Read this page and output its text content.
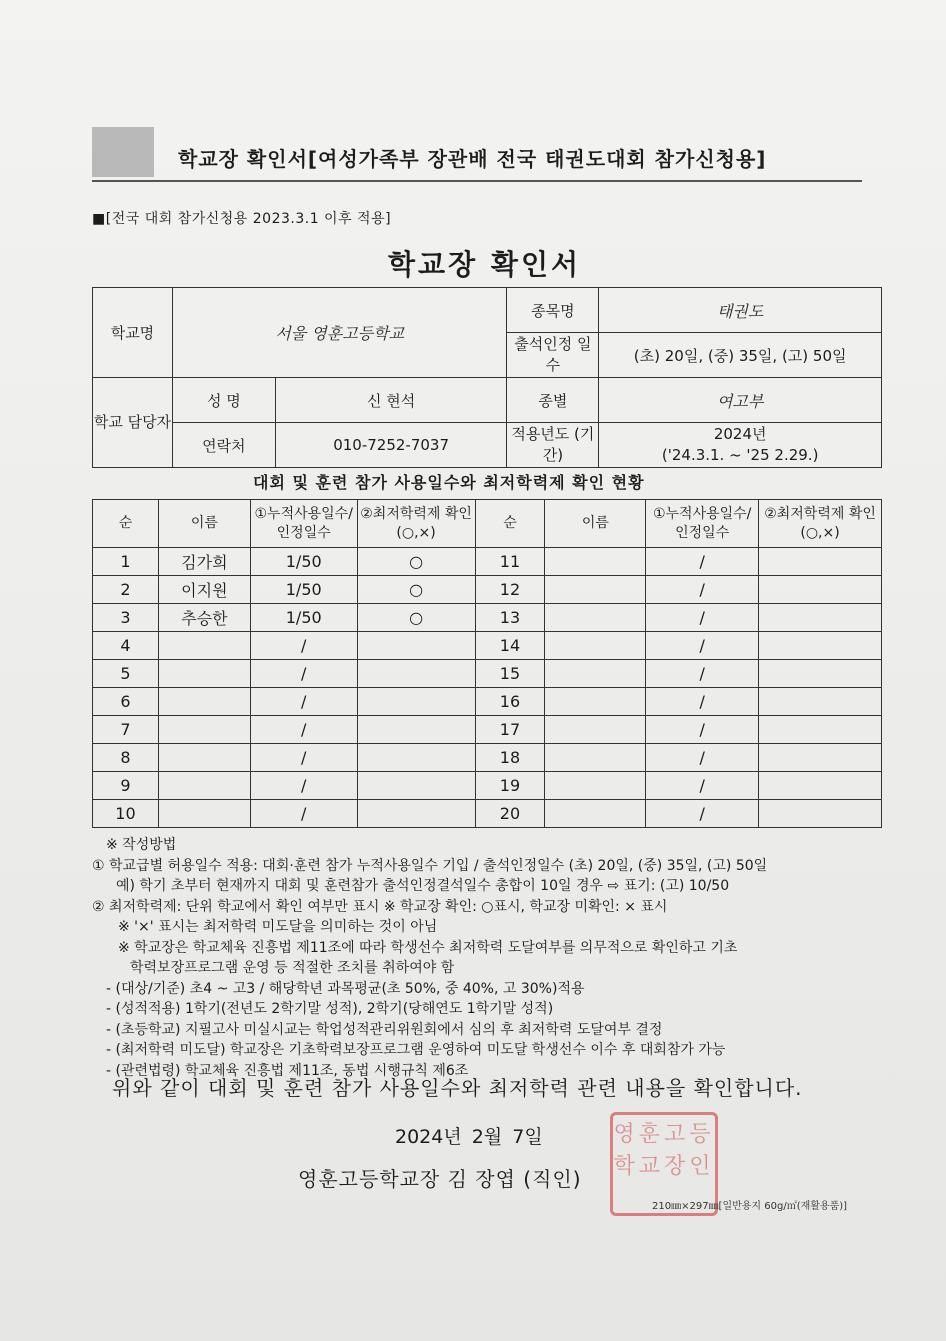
학교장 확인서[여성가족부 장관배 전국 태권도대회 참가신청용]
■[전국 대회 참가신청용 2023.3.1 이후 적용]
학교장 확인서
학교명	서울 영훈고등학교		종목명	태권도
			출석인정 일수	(초) 20일, (중) 35일, (고) 50일
학교 담당자	성 명	신 현석	종별	여고부
	연락처	010-7252-7037	적용년도 (기간)	2024년
('24.3.1. ~ '25 2.29.)
대회 및 훈련 참가 사용일수와 최저학력제 확인 현황
순	이름	①누적사용일수/인정일수	②최저학력제 확인(○,×)	순	이름	①누적사용일수/인정일수	②최저학력제 확인(○,×)
1	김가희	1/50	○	11		/	
2	이지원	1/50	○	12		/	
3	추승한	1/50	○	13		/	
4		/		14		/	
5		/		15		/	
6		/		16		/	
7		/		17		/	
8		/		18		/	
9		/		19		/	
10		/		20		/	
※ 작성방법
① 학교급별 허용일수 적용: 대회·훈련 참가 누적사용일수 기입 / 출석인정일수 (초) 20일, (중) 35일, (고) 50일
예) 학기 초부터 현재까지 대회 및 훈련참가 출석인정결석일수 총합이 10일 경우 ⇨ 표기: (고) 10/50
② 최저학력제: 단위 학교에서 확인 여부만 표시 ※ 학교장 확인: ○표시, 학교장 미확인: × 표시
※ '×' 표시는 최저학력 미도달을 의미하는 것이 아님
※ 학교장은 학교체육 진흥법 제11조에 따라 학생선수 최저학력 도달여부를 의무적으로 확인하고 기초
학력보장프로그램 운영 등 적절한 조치를 취하여야 함
- (대상/기준) 초4 ~ 고3 / 해당학년 과목평균(초 50%, 중 40%, 고 30%)적용
- (성적적용) 1학기(전년도 2학기말 성적), 2학기(당해연도 1학기말 성적)
- (초등학교) 지필고사 미실시교는 학업성적관리위원회에서 심의 후 최저학력 도달여부 결정
- (최저학력 미도달) 학교장은 기초학력보장프로그램 운영하여 미도달 학생선수 이수 후 대회참가 가능
- (관련법령) 학교체육 진흥법 제11조, 동법 시행규칙 제6조
위와 같이 대회 및 훈련 참가 사용일수와 최저학력 관련 내용을 확인합니다.
2024년 2월 7일	영훈고등학교장인
영훈고등학교장 김 장엽 (직인)
210㎜×297㎜[일반용지 60g/㎡(재활용품)]
